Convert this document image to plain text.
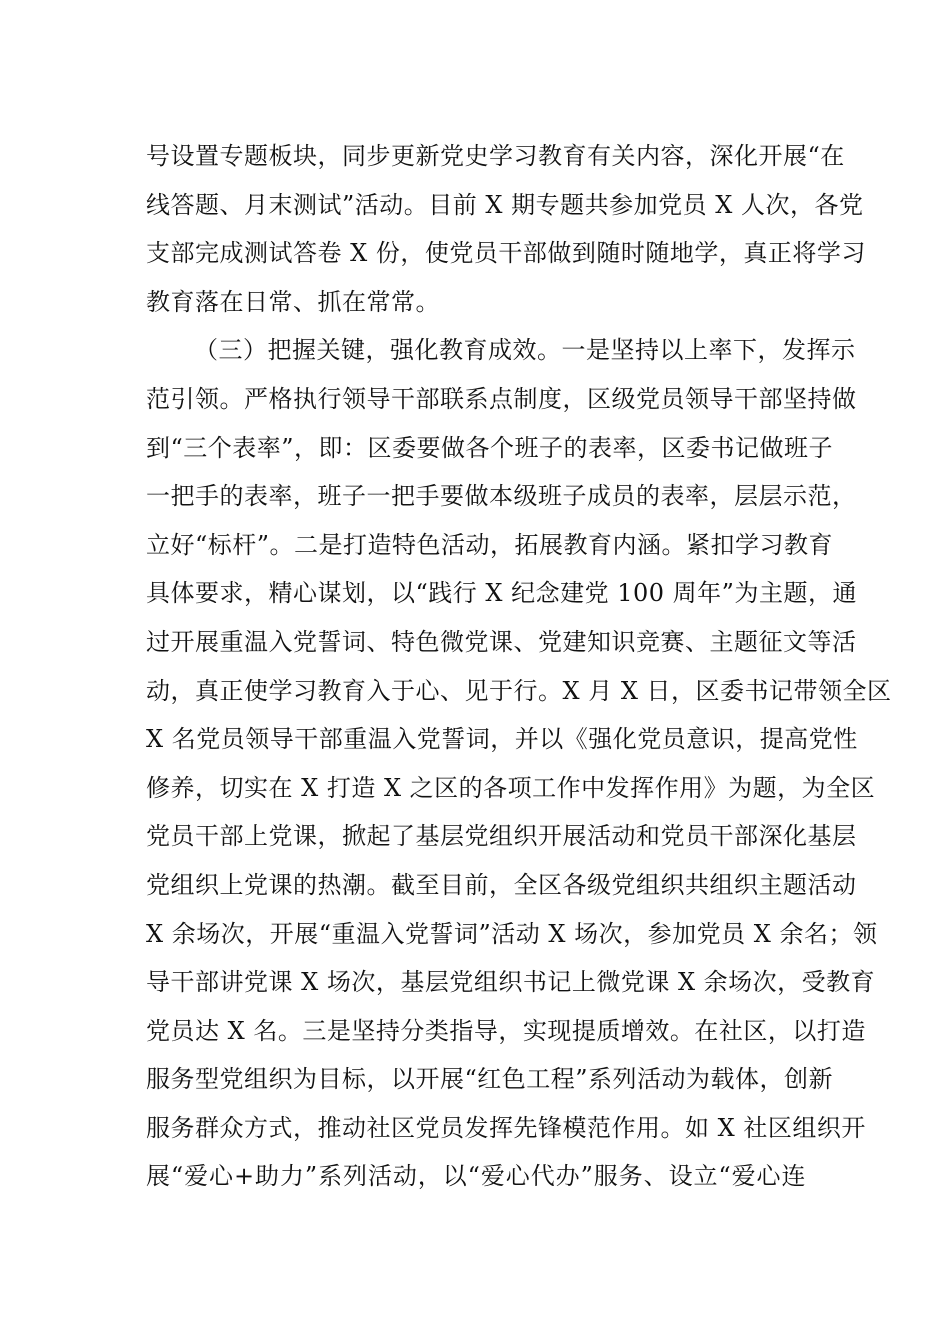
号设置专题板块，同步更新党史学习教育有关内容，深化开展“在
线答题、月末测试”活动。目前 X 期专题共参加党员 X 人次，各党
支部完成测试答卷 X 份，使党员干部做到随时随地学，真正将学习
教育落在日常、抓在常常。
（三）把握关键，强化教育成效。一是坚持以上率下，发挥示
范引领。严格执行领导干部联系点制度，区级党员领导干部坚持做
到“三个表率”，即：区委要做各个班子的表率，区委书记做班子
一把手的表率，班子一把手要做本级班子成员的表率，层层示范，
立好“标杆”。二是打造特色活动，拓展教育内涵。紧扣学习教育
具体要求，精心谋划，以“践行 X 纪念建党 100 周年”为主题，通
过开展重温入党誓词、特色微党课、党建知识竞赛、主题征文等活
动，真正使学习教育入于心、见于行。X 月 X 日，区委书记带领全区
X 名党员领导干部重温入党誓词，并以《强化党员意识，提高党性
修养，切实在 X 打造 X 之区的各项工作中发挥作用》为题，为全区
党员干部上党课，掀起了基层党组织开展活动和党员干部深化基层
党组织上党课的热潮。截至目前，全区各级党组织共组织主题活动
X 余场次，开展“重温入党誓词”活动 X 场次，参加党员 X 余名；领
导干部讲党课 X 场次，基层党组织书记上微党课 X 余场次，受教育
党员达 X 名。三是坚持分类指导，实现提质增效。在社区，以打造
服务型党组织为目标，以开展“红色工程”系列活动为载体，创新
服务群众方式，推动社区党员发挥先锋模范作用。如 X 社区组织开
展“爱心+助力”系列活动，以“爱心代办”服务、设立“爱心连
